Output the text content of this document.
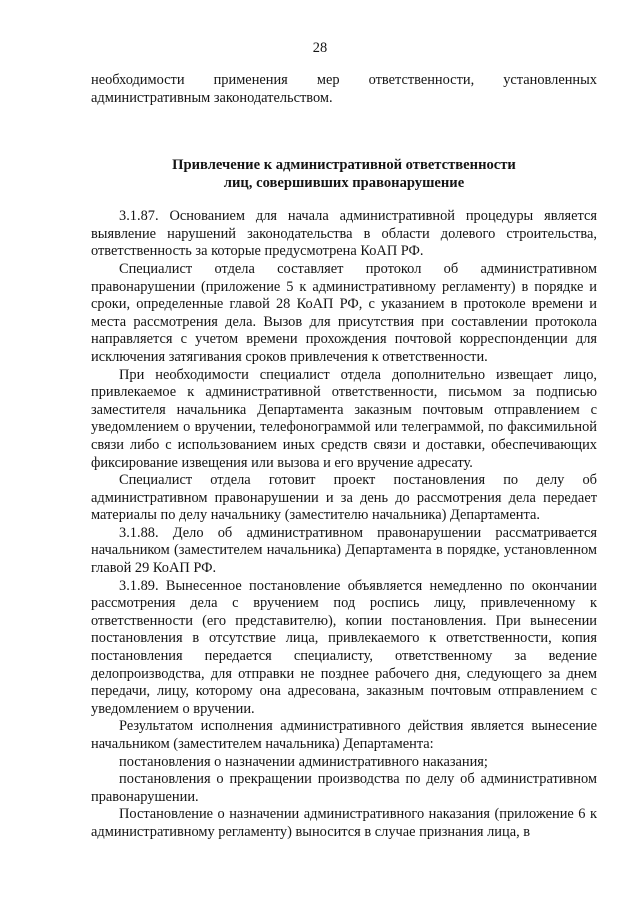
28

необходимости применения мер ответственности, установленных административным законодательством.

Привлечение к административной ответственности
лиц, совершивших правонарушение

3.1.87. Основанием для начала административной процедуры является выявление нарушений законодательства в области долевого строительства, ответственность за которые предусмотрена КоАП РФ.

Специалист отдела составляет протокол об административном правонарушении (приложение 5 к административному регламенту) в порядке и сроки, определенные главой 28 КоАП РФ, с указанием в протоколе времени и места рассмотрения дела. Вызов для присутствия при составлении протокола направляется с учетом времени прохождения почтовой корреспонденции для исключения затягивания сроков привлечения к ответственности.

При необходимости специалист отдела дополнительно извещает лицо, привлекаемое к административной ответственности, письмом за подписью заместителя начальника Департамента заказным почтовым отправлением с уведомлением о вручении, телефонограммой или телеграммой, по факсимильной связи либо с использованием иных средств связи и доставки, обеспечивающих фиксирование извещения или вызова и его вручение адресату.

Специалист отдела готовит проект постановления по делу об административном правонарушении и за день до рассмотрения дела передает материалы по делу начальнику (заместителю начальника) Департамента.

3.1.88. Дело об административном правонарушении рассматривается начальником (заместителем начальника) Департамента в порядке, установленном главой 29 КоАП РФ.

3.1.89. Вынесенное постановление объявляется немедленно по окончании рассмотрения дела с вручением под роспись лицу, привлеченному к ответственности (его представителю), копии постановления. При вынесении постановления в отсутствие лица, привлекаемого к ответственности, копия постановления передается специалисту, ответственному за ведение делопроизводства, для отправки не позднее рабочего дня, следующего за днем передачи, лицу, которому она адресована, заказным почтовым отправлением с уведомлением о вручении.

Результатом исполнения административного действия является вынесение начальником (заместителем начальника) Департамента:

постановления о назначении административного наказания;

постановления о прекращении производства по делу об административном правонарушении.

Постановление о назначении административного наказания (приложение 6 к административному регламенту) выносится в случае признания лица, в
